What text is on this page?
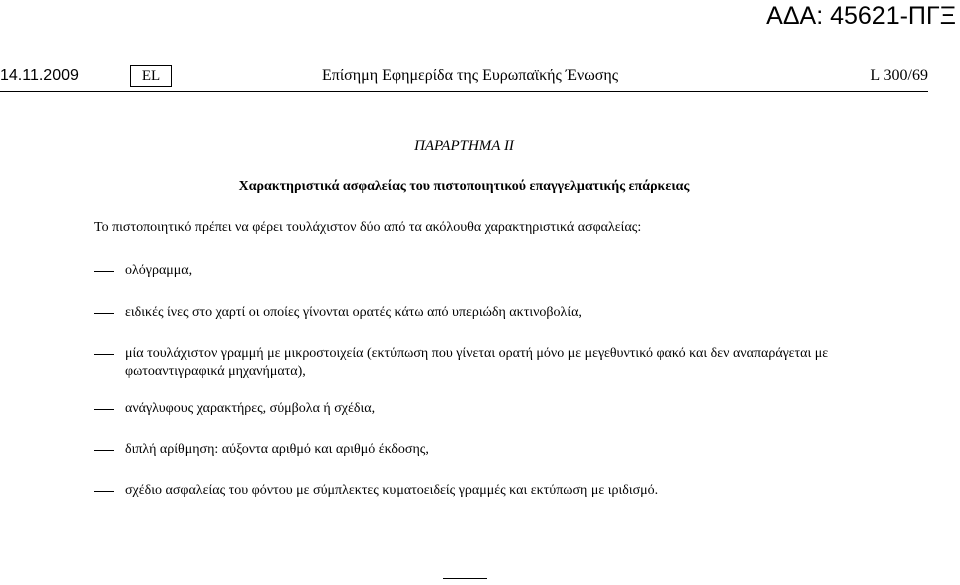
ΑΔΑ: 45621-ΠΓΞ
14.11.2009	EL	Επίσημη Εφημερίδα της Ευρωπαϊκής Ένωσης	L 300/69
ΠΑΡΑΡΤΗΜΑ II
Χαρακτηριστικά ασφαλείας του πιστοποιητικού επαγγελματικής επάρκειας
Το πιστοποιητικό πρέπει να φέρει τουλάχιστον δύο από τα ακόλουθα χαρακτηριστικά ασφαλείας:
ολόγραμμα,
ειδικές ίνες στο χαρτί οι οποίες γίνονται ορατές κάτω από υπεριώδη ακτινοβολία,
μία τουλάχιστον γραμμή με μικροστοιχεία (εκτύπωση που γίνεται ορατή μόνο με μεγεθυντικό φακό και δεν αναπαράγεται με φωτοαντιγραφικά μηχανήματα),
ανάγλυφους χαρακτήρες, σύμβολα ή σχέδια,
διπλή αρίθμηση: αύξοντα αριθμό και αριθμό έκδοσης,
σχέδιο ασφαλείας του φόντου με σύμπλεκτες κυματοειδείς γραμμές και εκτύπωση με ιριδισμό.
